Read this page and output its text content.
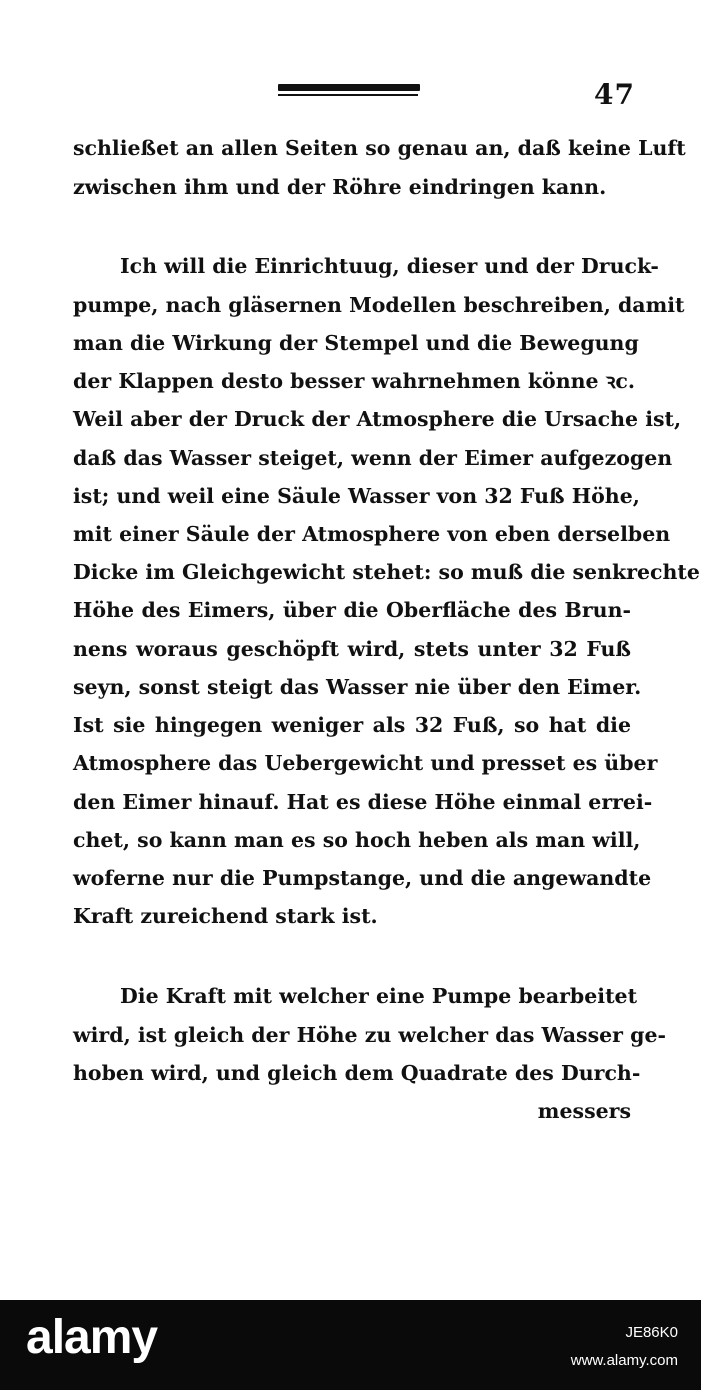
47
schließet an allen Seiten so genau an, daß keine Luft
zwischen ihm und der Röhre eindringen kann.
Ich will die Einrichtuug, dieser und der Druck-
pumpe, nach gläsernen Modellen beschreiben, damit
man die Wirkung der Stempel und die Bewegung
der Klappen desto besser wahrnehmen könne ꝛc.
Weil aber der Druck der Atmosphere die Ursache ist,
daß das Wasser steiget, wenn der Eimer aufgezogen
ist; und weil eine Säule Wasser von 32 Fuß Höhe,
mit einer Säule der Atmosphere von eben derselben
Dicke im Gleichgewicht stehet: so muß die senkrechte
Höhe des Eimers, über die Oberfläche des Brun-
nens woraus geschöpft wird, stets unter 32 Fuß
seyn, sonst steigt das Wasser nie über den Eimer.
Ist sie hingegen weniger als 32 Fuß, so hat die
Atmosphere das Uebergewicht und presset es über
den Eimer hinauf. Hat es diese Höhe einmal errei-
chet, so kann man es so hoch heben als man will,
woferne nur die Pumpstange, und die angewandte
Kraft zureichend stark ist.
Die Kraft mit welcher eine Pumpe bearbeitet
wird, ist gleich der Höhe zu welcher das Wasser ge-
hoben wird, und gleich dem Quadrate des Durch-
messers
alamy	JE86K0
www.alamy.com
